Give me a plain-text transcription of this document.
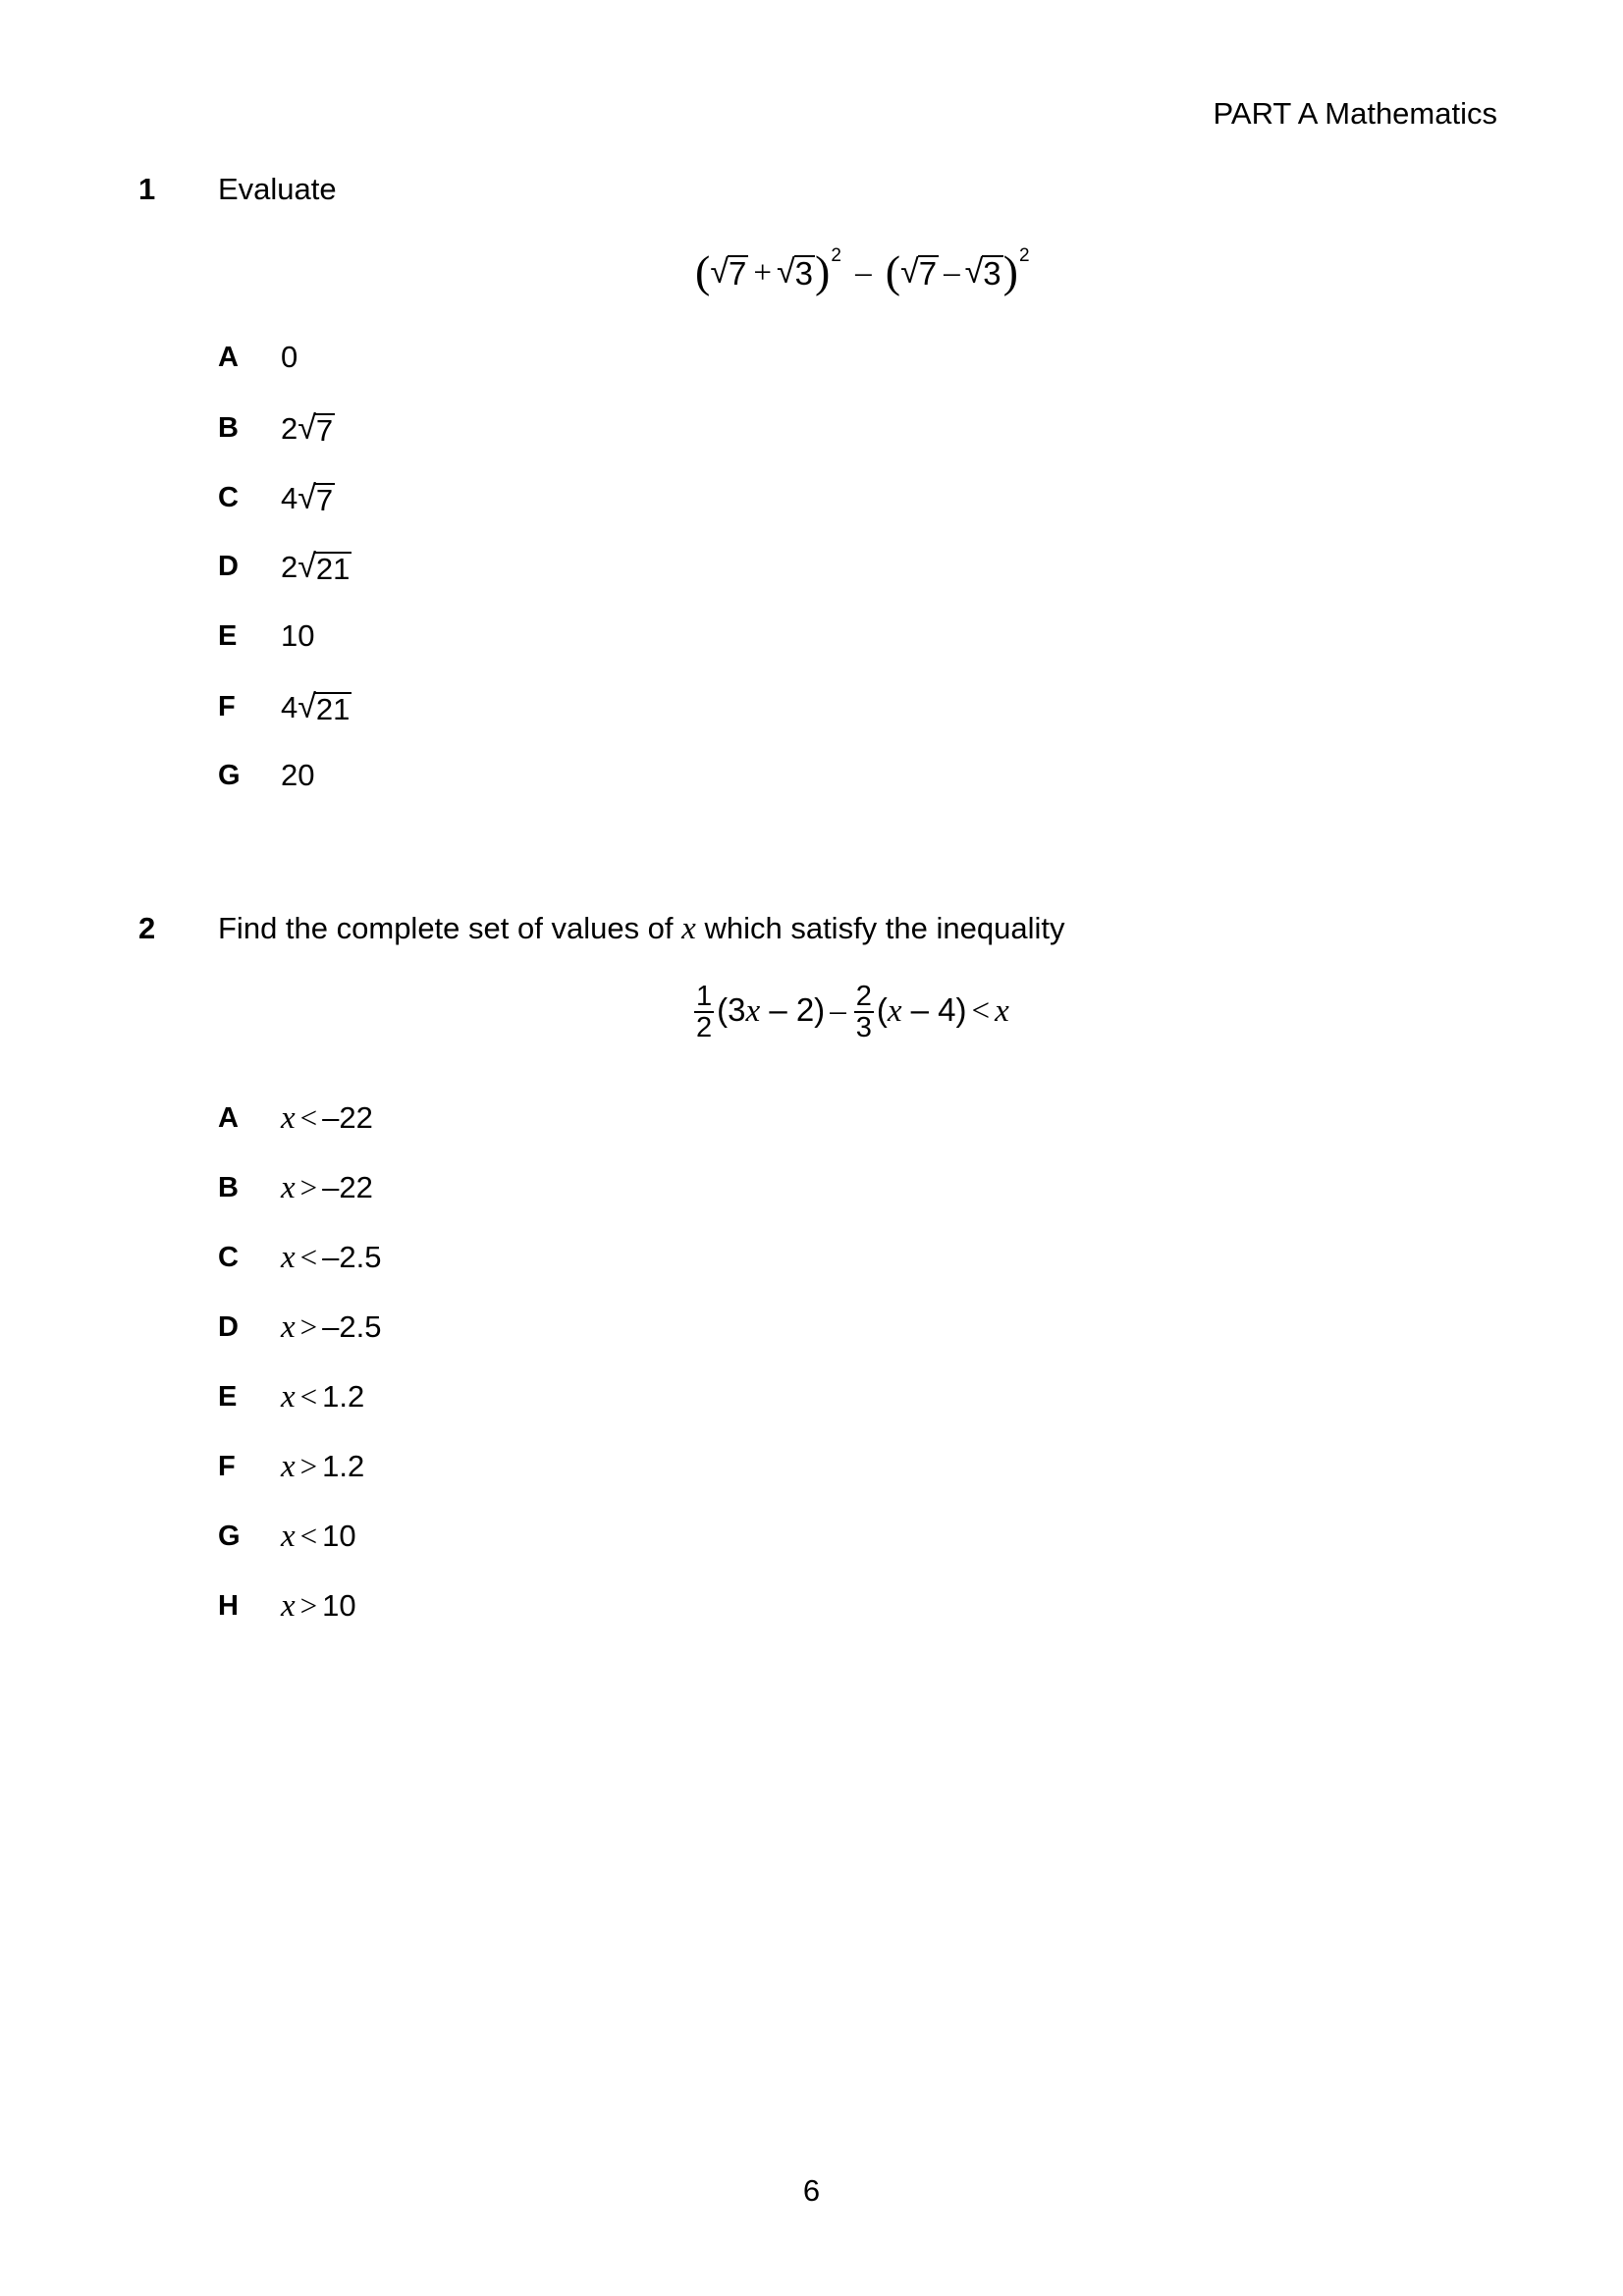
PART A Mathematics
1 Evaluate
( √ 7 + √ 3 )$^2$ – ( √ 7 – √ 3 )$^2$
A	0
B	2 √ 7
C	4 √ 7
D	2 √ 21
E	10
F	4 √ 21
G	20
2 Find the complete set of values of x which satisfy the inequality
$\frac{1}{2} (3x - 2) - \frac{2}{3} (x - 4) < x$
A	x < –22
B	x > –22
C	x < –2.5
D	x > –2.5
E	x < 1.2
F	x > 1.2
G	x < 10
H	x > 10
6
